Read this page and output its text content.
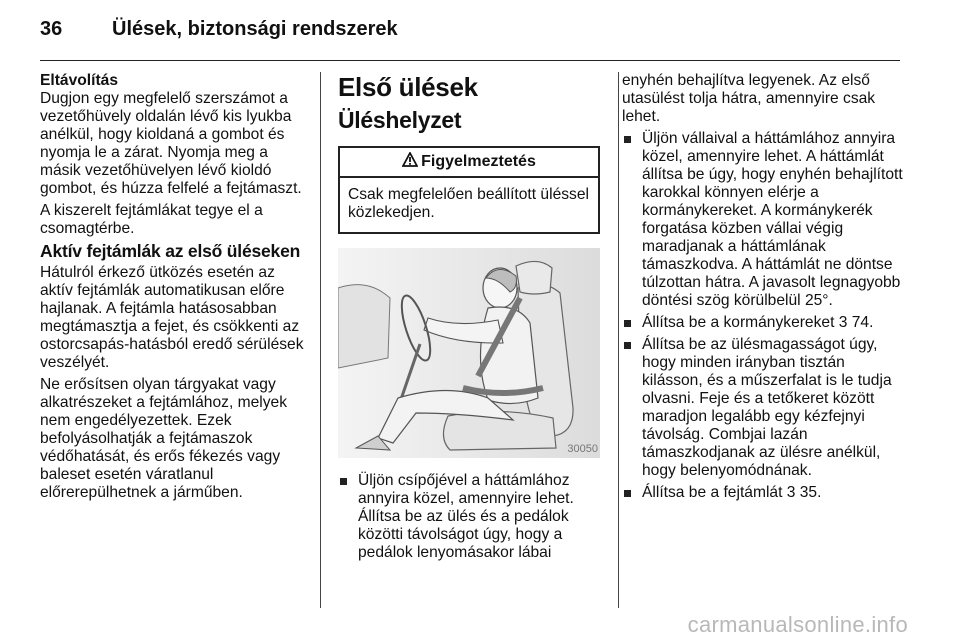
36 Ülések, biztonsági rendszerek

Eltávolítás

Dugjon egy megfelelő szerszámot a vezetőhüvely oldalán lévő kis lyukba anélkül, hogy kioldaná a gombot és nyomja le a zárat. Nyomja meg a másik vezetőhüvelyen lévő kioldó gombot, és húzza felfelé a fejtámaszt.

A kiszerelt fejtámlákat tegye el a csomagtérbe.

Aktív fejtámlák az első üléseken

Hátulról érkező ütközés esetén az aktív fejtámlák automatikusan előre hajlanak. A fejtámla hatásosabban megtámasztja a fejet, és csökkenti az ostorcsapás-hatásból eredő sérülések veszélyét.

Ne erősítsen olyan tárgyakat vagy alkatrészeket a fejtámlához, melyek nem engedélyezettek. Ezek befolyásolhatják a fejtámaszok védőhatását, és erős fékezés vagy baleset esetén váratlanul előrerepülhetnek a járműben.

Első ülések

Üléshelyzet

Figyelmeztetés
Csak megfelelően beállított üléssel közlekedjen.
30050
Üljön csípőjével a háttámlához annyira közel, amennyire lehet. Állítsa be az ülés és a pedálok közötti távolságot úgy, hogy a pedálok lenyomásakor lábai

enyhén behajlítva legyenek. Az első utasülést tolja hátra, amennyire csak lehet.

Üljön vállaival a háttámlához annyira közel, amennyire lehet. A háttámlát állítsa be úgy, hogy enyhén behajlított karokkal könnyen elérje a kormánykereket. A kormánykerék forgatása közben vállai végig maradjanak a háttámlának támaszkodva. A háttámlát ne döntse túlzottan hátra. A javasolt legnagyobb döntési szög körülbelül 25°.
Állítsa be a kormánykereket 3 74.
Állítsa be az ülésmagasságot úgy, hogy minden irányban tisztán kilásson, és a műszerfalat is le tudja olvasni. Feje és a tetőkeret között maradjon legalább egy kézfejnyi távolság. Combjai lazán támaszkodjanak az ülésre anélkül, hogy belenyomódnának.
Állítsa be a fejtámlát 3 35.
carmanualsonline.info
